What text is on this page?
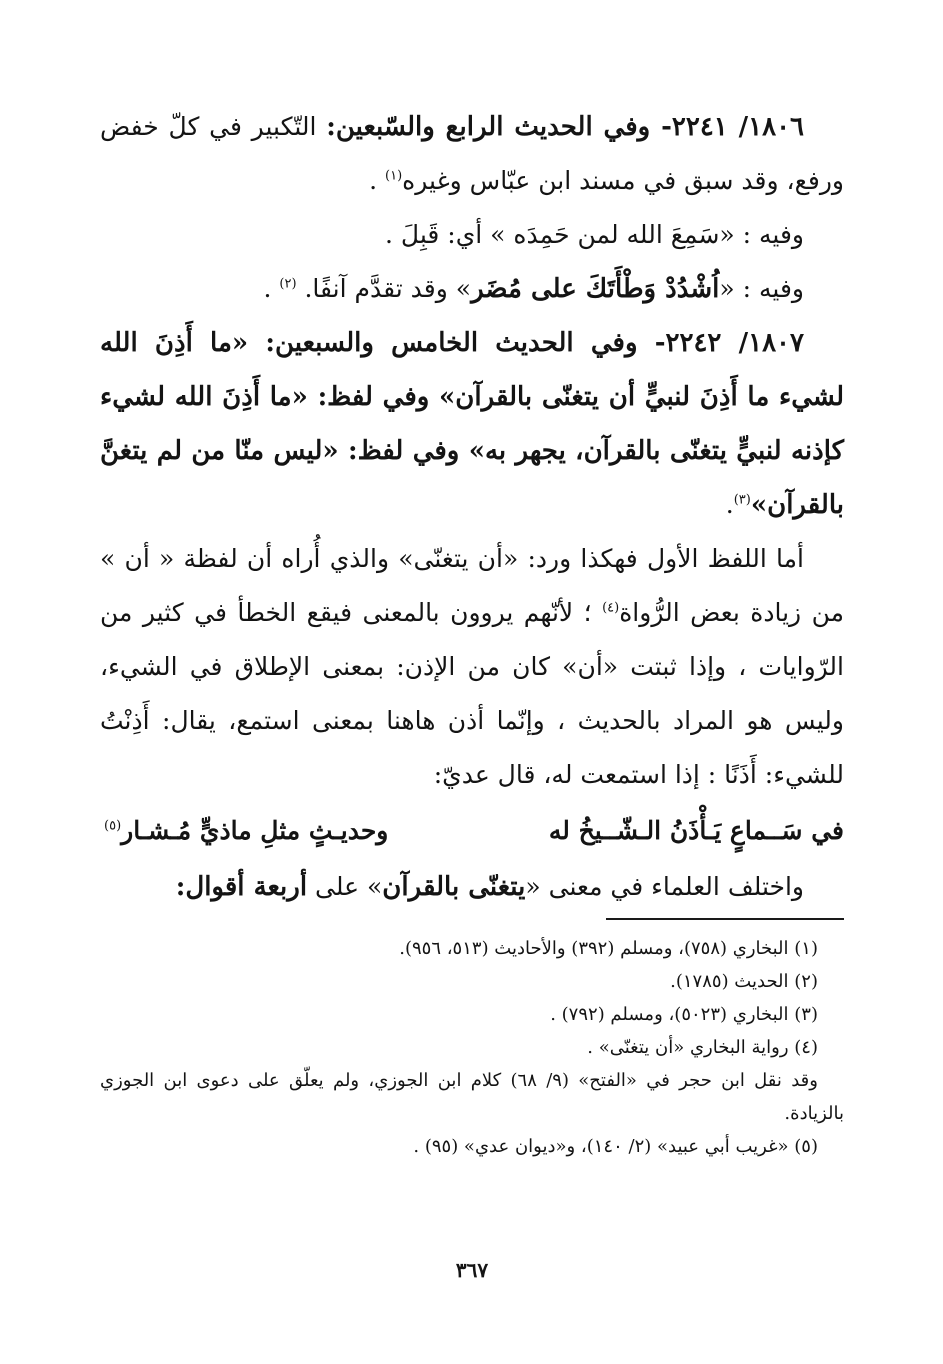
١٨٠٦/ ٢٢٤١- وفي الحديث الرابع والسّبعين: التّكبير في كلّ خفض ورفع، وقد سبق في مسند ابن عبّاس وغيره$^{(١)}$ .

وفيه : «سَمِعَ الله لمن حَمِدَه » أي: قَبِلَ .

وفيه : «اُشْدُدْ وَطْأَتَكَ على مُضَر» وقد تقدَّم آنفًا. $^{(٢)}$ .

١٨٠٧/ ٢٢٤٢- وفي الحديث الخامس والسبعين: «ما أَذِنَ الله لشيء ما أَذِنَ لنبيٍّ أن يتغنّى بالقرآن» وفي لفظ: «ما أَذِنَ الله لشيء كإذنه لنبيٍّ يتغنّى بالقرآن، يجهر به» وفي لفظ: «ليس منّا من لم يتغنَّ بالقرآن»$^{(٣)}$.

أما اللفظ الأول فهكذا ورد: «أن يتغنّى» والذي أُراه أن لفظة « أن » من زيادة بعض الرُّواة$^{(٤)}$ ؛ لأنّهم يروون بالمعنى فيقع الخطأ في كثير من الرّوايات ، وإذا ثبتت «أن» كان من الإذن: بمعنى الإطلاق في الشيء، وليس هو المراد بالحديث ، وإنّما أذن هاهنا بمعنى استمع، يقال: أَذِنْتُ للشيء: أَذَنًا : إذا استمعت له، قال عديّ:

في سَــماعٍ يَـأْذَنُ الـشّــيخُ له
وحديـثٍ مثلِ ماذيٍّ مُـشـار$^{(٥)}$

واختلف العلماء في معنى «يتغنّى بالقرآن» على أربعة أقوال:

(١) البخاري (٧٥٨)، ومسلم (٣٩٢) والأحاديث (٥١٣، ٩٥٦).

(٢) الحديث (١٧٨٥).

(٣) البخاري (٥٠٢٣)، ومسلم (٧٩٢) .

(٤) رواية البخاري «أن يتغنّى» .

وقد نقل ابن حجر في «الفتح» (٩/ ٦٨) كلام ابن الجوزي، ولم يعلّق على دعوى ابن الجوزي بالزيادة.

(٥) «غريب أبي عبيد» (٢/ ١٤٠)، و«ديوان عدي» (٩٥) .

٣٦٧
